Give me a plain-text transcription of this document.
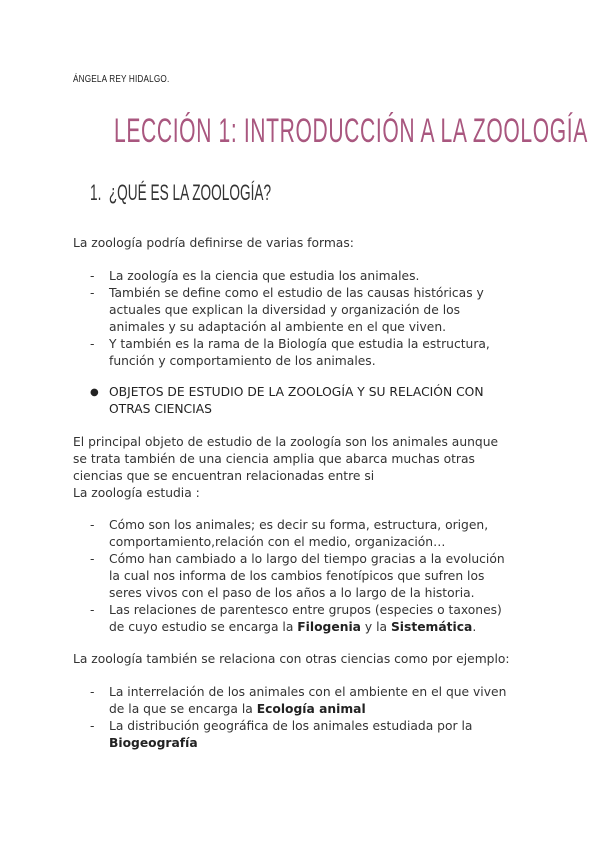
ÁNGELA REY HIDALGO.
LECCIÓN 1: INTRODUCCIÓN A LA ZOOLOGÍA
1. ¿QUÉ ES LA ZOOLOGÍA?
La zoología podría definirse de varias formas:
- La zoología es la ciencia que estudia los animales.
- También se define como el estudio de las causas históricas y
actuales que explican la diversidad y organización de los
animales y su adaptación al ambiente en el que viven.
- Y también es la rama de la Biología que estudia la estructura,
función y comportamiento de los animales.
● OBJETOS DE ESTUDIO DE LA ZOOLOGÍA Y SU RELACIÓN CON
OTRAS CIENCIAS
El principal objeto de estudio de la zoología son los animales aunque
se trata también de una ciencia amplia que abarca muchas otras
ciencias que se encuentran relacionadas entre si
La zoología estudia :
- Cómo son los animales; es decir su forma, estructura, origen,
comportamiento,relación con el medio, organización…
- Cómo han cambiado a lo largo del tiempo gracias a la evolución
la cual nos informa de los cambios fenotípicos que sufren los
seres vivos con el paso de los años a lo largo de la historia.
- Las relaciones de parentesco entre grupos (especies o taxones)
de cuyo estudio se encarga la Filogenia y la Sistemática.
La zoología también se relaciona con otras ciencias como por ejemplo:
- La interrelación de los animales con el ambiente en el que viven
de la que se encarga la Ecología animal
- La distribución geográfica de los animales estudiada por la
Biogeografía
